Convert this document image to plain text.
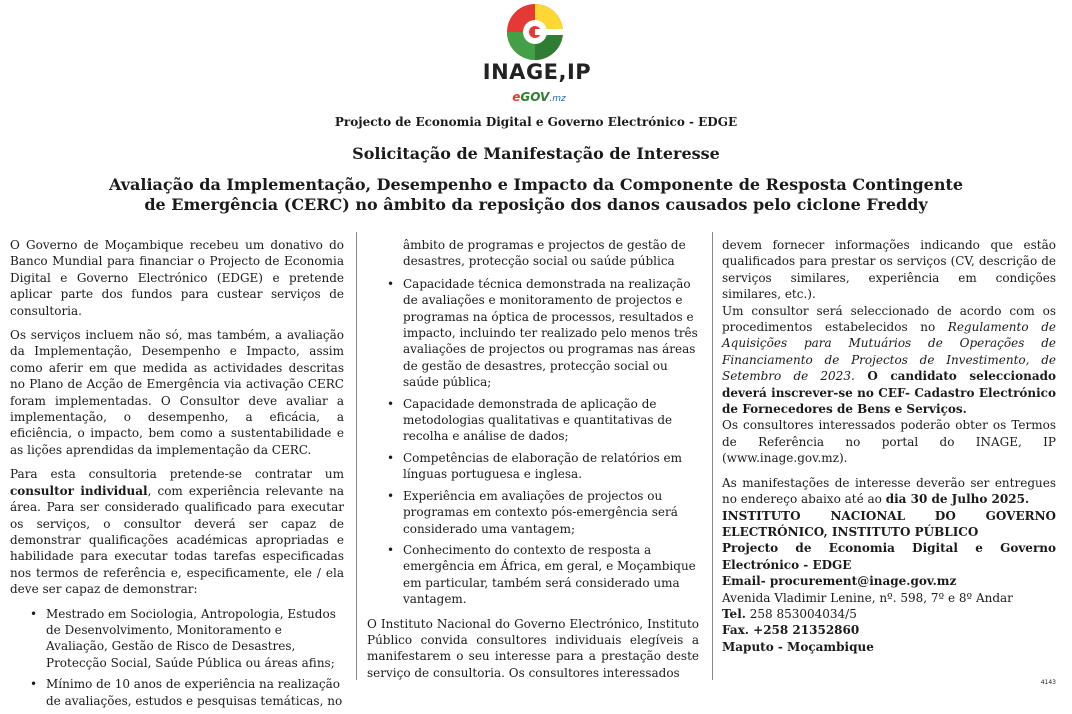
INAGE,IP
eGOV.mz
Projecto de Economia Digital e Governo Electrónico - EDGE
Solicitação de Manifestação de Interesse
Avaliação da Implementação, Desempenho e Impacto da Componente de Resposta Contingente
de Emergência (CERC) no âmbito da reposição dos danos causados pelo ciclone Freddy

O Governo de Moçambique recebeu um donativo do Banco Mundial para financiar o Projecto de Economia Digital e Governo Electrónico (EDGE) e pretende aplicar parte dos fundos para custear serviços de consultoria.

Os serviços incluem não só, mas também, a avaliação da Implementação, Desempenho e Impacto, assim como aferir em que medida as actividades descritas no Plano de Acção de Emergência via activação CERC foram implementadas. O Consultor deve avaliar a implementação, o desempenho, a eficácia, a eficiência, o impacto, bem como a sustentabilidade e as lições aprendidas da implementação da CERC.

Para esta consultoria pretende-se contratar um consultor individual, com experiência relevante na área. Para ser considerado qualificado para executar os serviços, o consultor deverá ser capaz de demonstrar qualificações académicas apropriadas e habilidade para executar todas tarefas especificadas nos termos de referência e, especificamente, ele / ela deve ser capaz de demonstrar:

• Mestrado em Sociologia, Antropologia, Estudos de Desenvolvimento, Monitoramento e Avaliação, Gestão de Risco de Desastres, Protecção Social, Saúde Pública ou áreas afins;
• Mínimo de 10 anos de experiência na realização de avaliações, estudos e pesquisas temáticas, no
âmbito de programas e projectos de gestão de desastres, protecção social ou saúde pública
• Capacidade técnica demonstrada na realização de avaliações e monitoramento de projectos e programas na óptica de processos, resultados e impacto, incluindo ter realizado pelo menos três avaliações de projectos ou programas nas áreas de gestão de desastres, protecção social ou saúde pública;
• Capacidade demonstrada de aplicação de metodologias qualitativas e quantitativas de recolha e análise de dados;
• Competências de elaboração de relatórios em línguas portuguesa e inglesa.
• Experiência em avaliações de projectos ou programas em contexto pós-emergência será considerado uma vantagem;
• Conhecimento do contexto de resposta a emergência em África, em geral, e Moçambique em particular, também será considerado uma vantagem.

O Instituto Nacional do Governo Electrónico, Instituto Público convida consultores individuais elegíveis a manifestarem o seu interesse para a prestação deste serviço de consultoria. Os consultores interessados

devem fornecer informações indicando que estão qualificados para prestar os serviços (CV, descrição de serviços similares, experiência em condições similares, etc.).

Um consultor será seleccionado de acordo com os procedimentos estabelecidos no Regulamento de Aquisições para Mutuários de Operações de Financiamento de Projectos de Investimento, de Setembro de 2023. O candidato seleccionado deverá inscrever-se no CEF- Cadastro Electrónico de Fornecedores de Bens e Serviços.

Os consultores interessados poderão obter os Termos de Referência no portal do INAGE, IP (www.inage.gov.mz).

As manifestações de interesse deverão ser entregues no endereço abaixo até ao dia 30 de Julho 2025.

INSTITUTO NACIONAL DO GOVERNO ELECTRÓNICO, INSTITUTO PÚBLICO
Projecto de Economia Digital e Governo Electrónico - EDGE
Email- procurement@inage.gov.mz
Avenida Vladimir Lenine, nº. 598, 7º e 8º Andar
Tel. 258 853004034/5
Fax. +258 21352860
Maputo - Moçambique
4143
